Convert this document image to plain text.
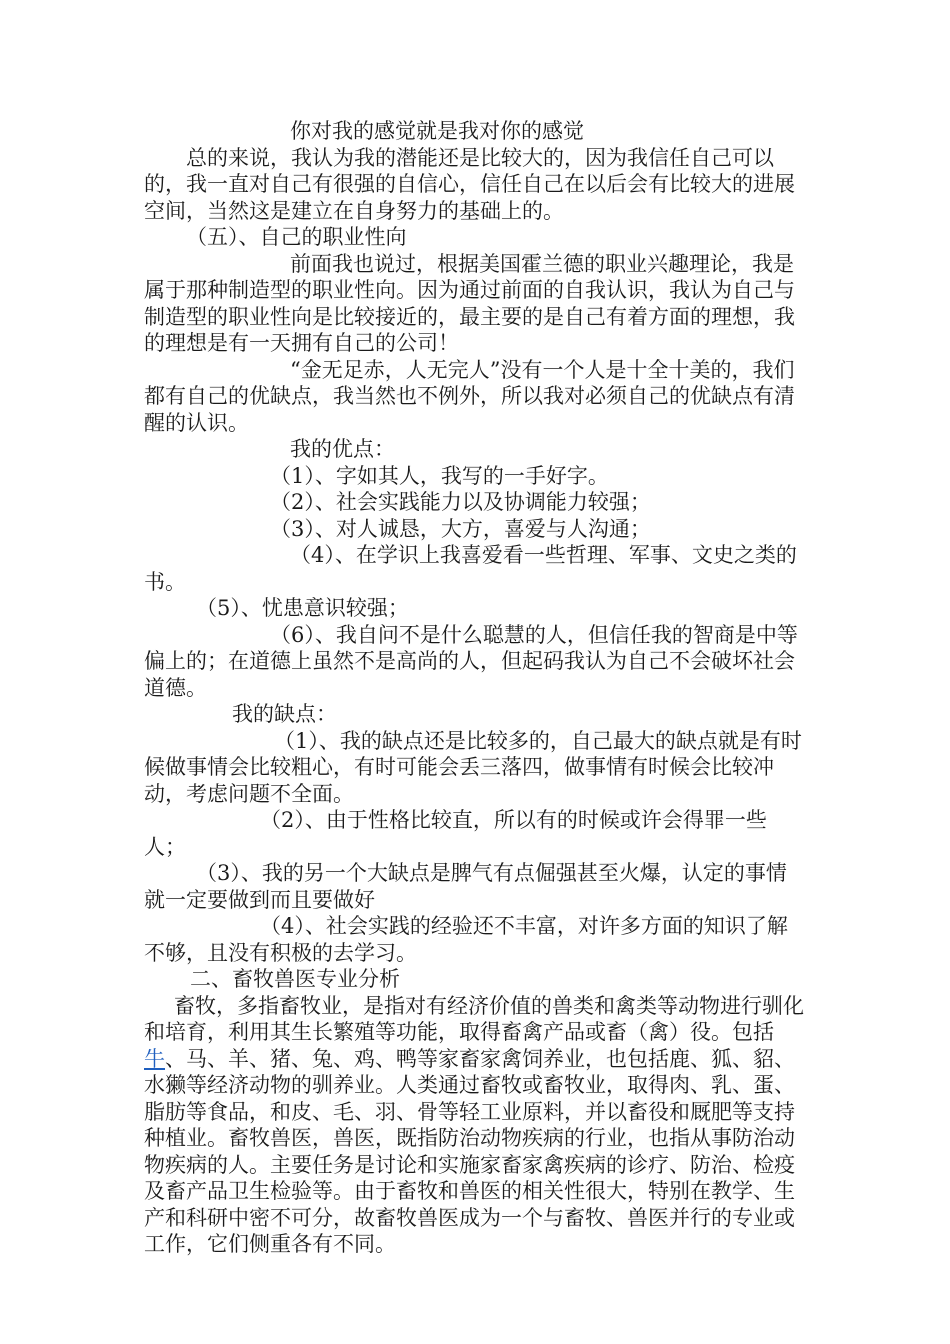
你对我的感觉就是我对你的感觉

总的来说，我认为我的潜能还是比较大的，因为我信任自己可以的，我一直对自己有很强的自信心，信任自己在以后会有比较大的进展空间，当然这是建立在自身努力的基础上的。

（五）、自己的职业性向

前面我也说过，根据美国霍兰德的职业兴趣理论，我是属于那种制造型的职业性向。因为通过前面的自我认识，我认为自己与制造型的职业性向是比较接近的，最主要的是自己有着方面的理想，我的理想是有一天拥有自己的公司！

“金无足赤，人无完人”没有一个人是十全十美的，我们都有自己的优缺点，我当然也不例外，所以我对必须自己的优缺点有清醒的认识。

我的优点：

（1）、字如其人，我写的一手好字。

（2）、社会实践能力以及协调能力较强；

（3）、对人诚恳，大方，喜爱与人沟通；

（4）、在学识上我喜爱看一些哲理、军事、文史之类的书。

（5）、忧患意识较强；

（6）、我自问不是什么聪慧的人，但信任我的智商是中等偏上的；在道德上虽然不是高尚的人，但起码我认为自己不会破坏社会道德。

我的缺点：

（1）、我的缺点还是比较多的，自己最大的缺点就是有时候做事情会比较粗心，有时可能会丢三落四，做事情有时候会比较冲动，考虑问题不全面。

（2）、由于性格比较直，所以有的时候或许会得罪一些人；

（3）、我的另一个大缺点是脾气有点倔强甚至火爆，认定的事情就一定要做到而且要做好

（4）、社会实践的经验还不丰富，对许多方面的知识了解不够，且没有积极的去学习。

二、畜牧兽医专业分析

畜牧，多指畜牧业，是指对有经济价值的兽类和禽类等动物进行驯化和培育，利用其生长繁殖等功能，取得畜禽产品或畜（禽）役。包括牛、马、羊、猪、兔、鸡、鸭等家畜家禽饲养业，也包括鹿、狐、貂、水獭等经济动物的驯养业。人类通过畜牧或畜牧业，取得肉、乳、蛋、脂肪等食品，和皮、毛、羽、骨等轻工业原料，并以畜役和厩肥等支持种植业。畜牧兽医，兽医，既指防治动物疾病的行业，也指从事防治动物疾病的人。主要任务是讨论和实施家畜家禽疾病的诊疗、防治、检疫及畜产品卫生检验等。由于畜牧和兽医的相关性很大，特别在教学、生产和科研中密不可分，故畜牧兽医成为一个与畜牧、兽医并行的专业或工作，它们侧重各有不同。
